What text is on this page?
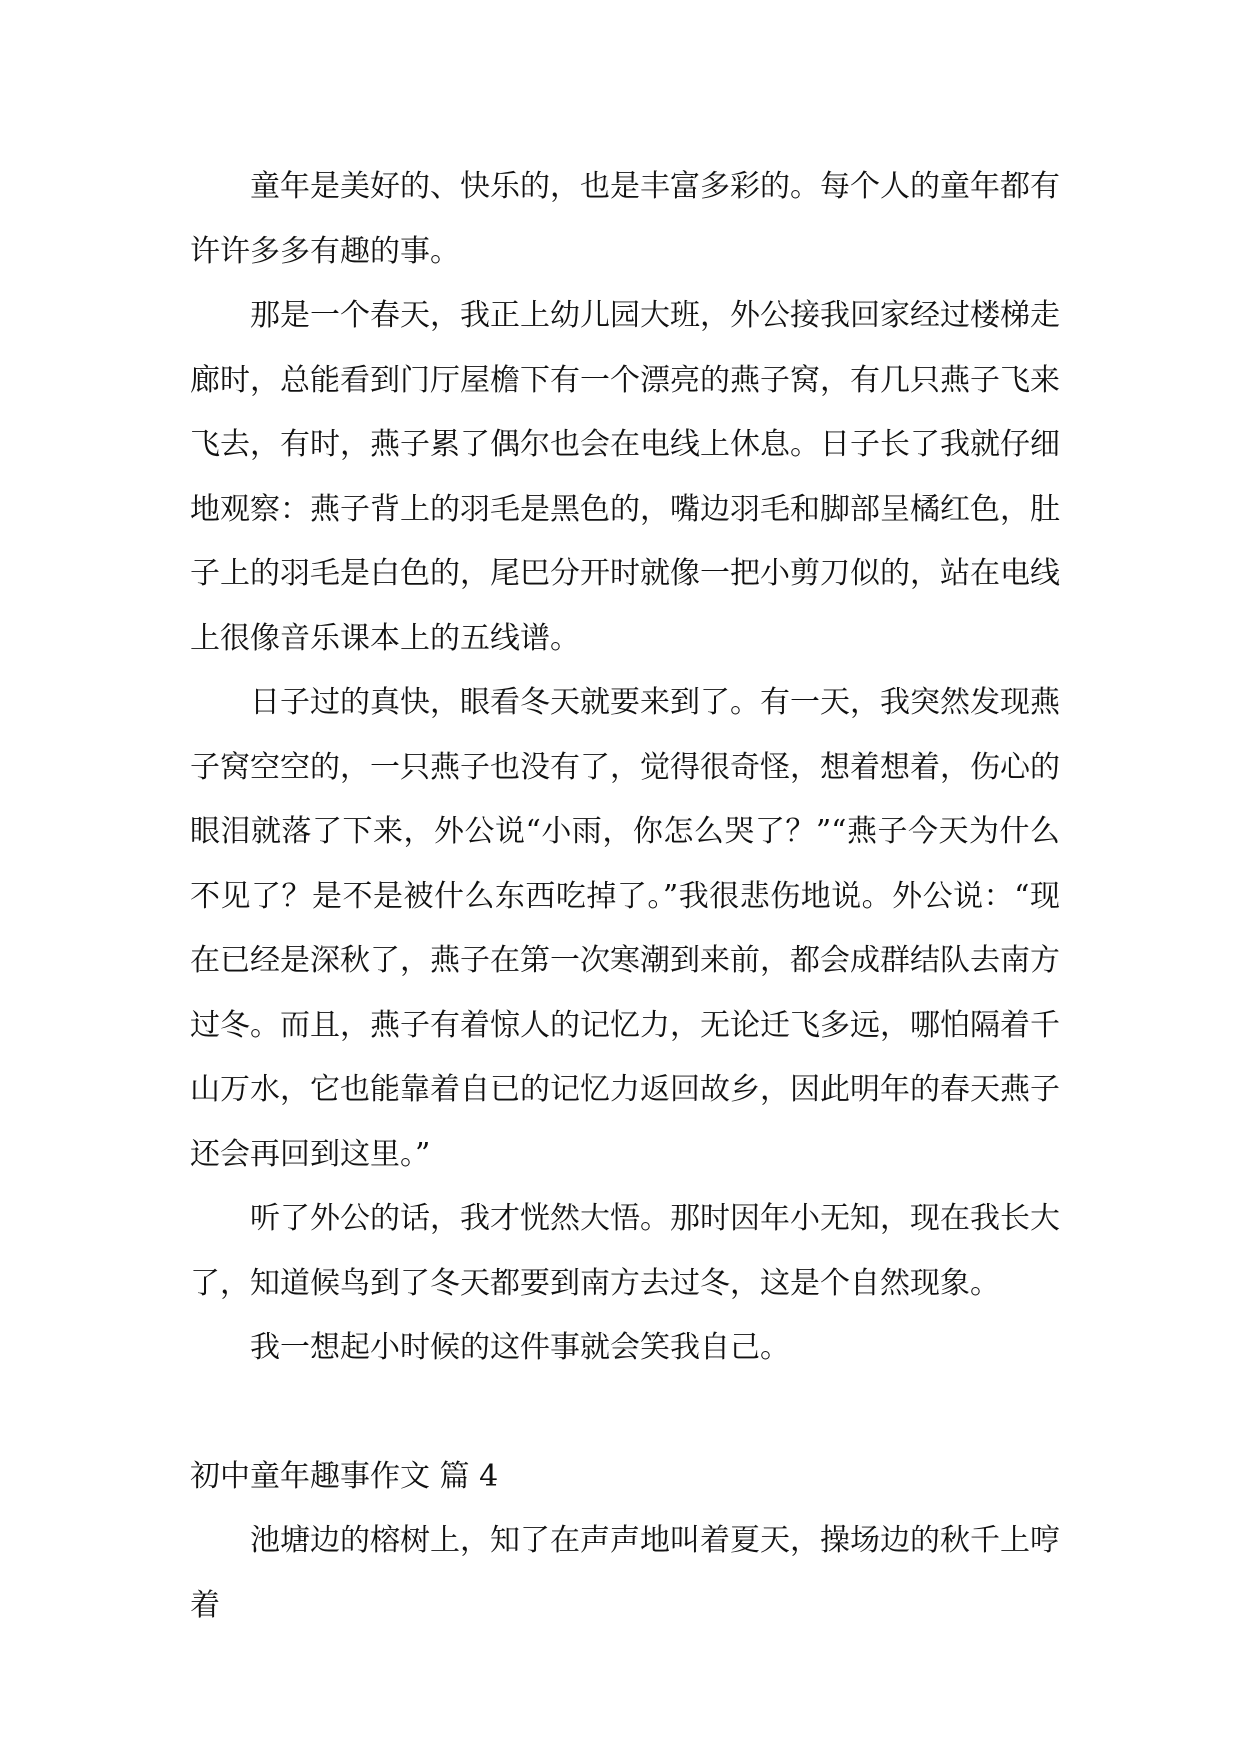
童年是美好的、快乐的，也是丰富多彩的。每个人的童年都有许许多多有趣的事。

那是一个春天，我正上幼儿园大班，外公接我回家经过楼梯走廊时，总能看到门厅屋檐下有一个漂亮的燕子窝，有几只燕子飞来飞去，有时，燕子累了偶尔也会在电线上休息。日子长了我就仔细地观察：燕子背上的羽毛是黑色的，嘴边羽毛和脚部呈橘红色，肚子上的羽毛是白色的，尾巴分开时就像一把小剪刀似的，站在电线上很像音乐课本上的五线谱。

日子过的真快，眼看冬天就要来到了。有一天，我突然发现燕子窝空空的，一只燕子也没有了，觉得很奇怪，想着想着，伤心的眼泪就落了下来，外公说“小雨，你怎么哭了？”“燕子今天为什么不见了？是不是被什么东西吃掉了。”我很悲伤地说。外公说：“现在已经是深秋了，燕子在第一次寒潮到来前，都会成群结队去南方过冬。而且，燕子有着惊人的记忆力，无论迁飞多远，哪怕隔着千山万水，它也能靠着自已的记忆力返回故乡，因此明年的春天燕子还会再回到这里。”

听了外公的话，我才恍然大悟。那时因年小无知，现在我长大了，知道候鸟到了冬天都要到南方去过冬，这是个自然现象。

我一想起小时候的这件事就会笑我自己。

初中童年趣事作文 篇 4

池塘边的榕树上，知了在声声地叫着夏天，操场边的秋千上哼着
